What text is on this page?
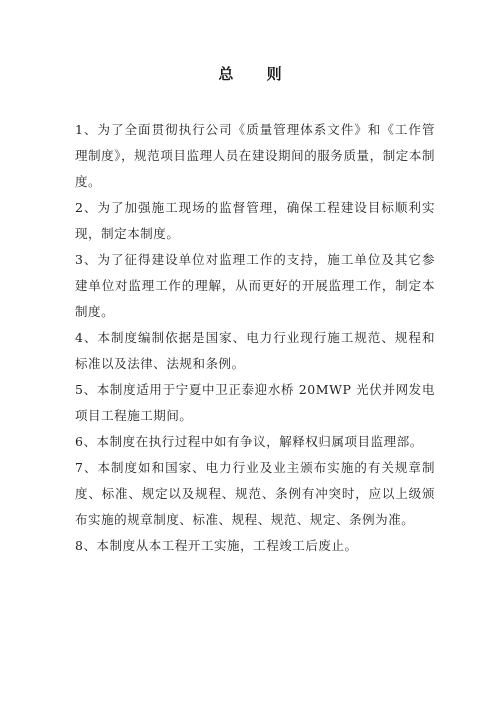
总 则
1、为了全面贯彻执行公司《质量管理体系文件》和《工作管理制度》，规范项目监理人员在建设期间的服务质量，制定本制度。
2、为了加强施工现场的监督管理，确保工程建设目标顺利实现，制定本制度。
3、为了征得建设单位对监理工作的支持，施工单位及其它参建单位对监理工作的理解，从而更好的开展监理工作，制定本制度。
4、本制度编制依据是国家、电力行业现行施工规范、规程和标准以及法律、法规和条例。
5、本制度适用于宁夏中卫正泰迎水桥 20MWP 光伏并网发电项目工程施工期间。
6、本制度在执行过程中如有争议，解释权归属项目监理部。
7、本制度如和国家、电力行业及业主颁布实施的有关规章制度、标准、规定以及规程、规范、条例有冲突时，应以上级颁布实施的规章制度、标准、规程、规范、规定、条例为准。
8、本制度从本工程开工实施，工程竣工后废止。
